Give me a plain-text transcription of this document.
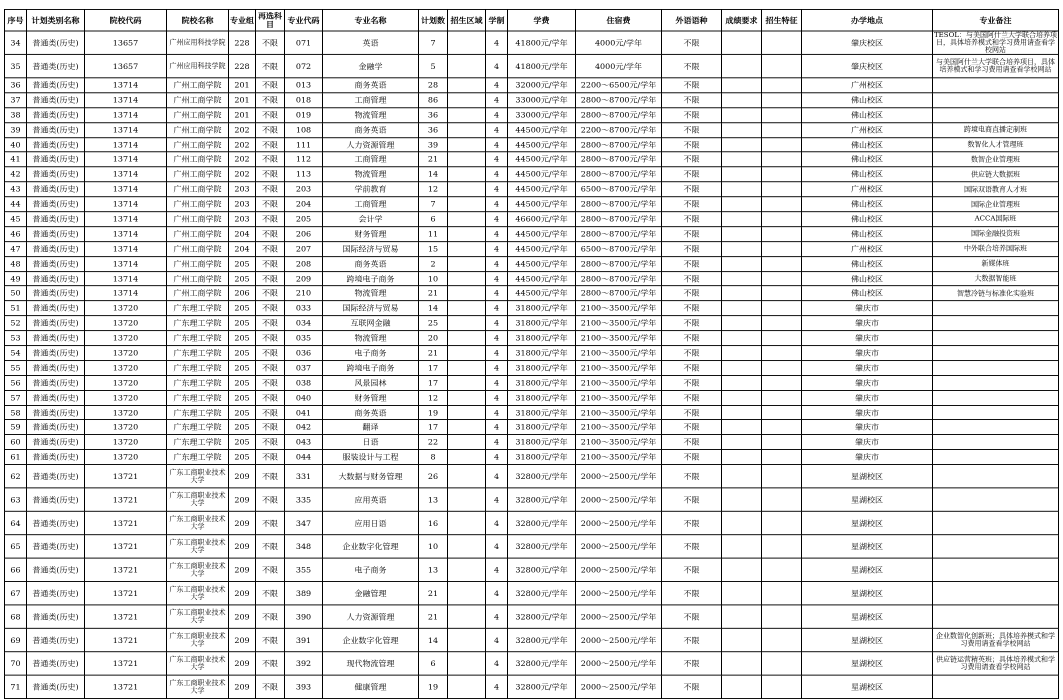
序号	计划类别名称	院校代码	院校名称	专业组	再选科目	专业代码	专业名称	计划数	招生区域	学制	学费	住宿费	外语语种	成绩要求	招生特征	办学地点	专业备注
34	普通类(历史)	13657	广州应用科技学院	228	不限	071	英语	7		4	41800元/学年	4000元/学年	不限			肇庆校区	TESOL：与美国阿什兰大学联合培养项目，具体培养模式和学习费用请查看学校网站
35	普通类(历史)	13657	广州应用科技学院	228	不限	072	金融学	5		4	41800元/学年	4000元/学年	不限			肇庆校区	与美国阿什兰大学联合培养项目，具体培养模式和学习费用请查看学校网站
36	普通类(历史)	13714	广州工商学院	201	不限	013	商务英语	28		4	32000元/学年	2200～6500元/学年	不限			广州校区	
37	普通类(历史)	13714	广州工商学院	201	不限	018	工商管理	86		4	33000元/学年	2800～8700元/学年	不限			佛山校区	
38	普通类(历史)	13714	广州工商学院	201	不限	019	物流管理	36		4	33000元/学年	2800～8700元/学年	不限			佛山校区	
39	普通类(历史)	13714	广州工商学院	202	不限	108	商务英语	36		4	44500元/学年	2200～8700元/学年	不限			广州校区	跨境电商直播定制班
40	普通类(历史)	13714	广州工商学院	202	不限	111	人力资源管理	39		4	44500元/学年	2800～8700元/学年	不限			佛山校区	数智化人才管理班
41	普通类(历史)	13714	广州工商学院	202	不限	112	工商管理	21		4	44500元/学年	2800～8700元/学年	不限			佛山校区	数智企业管理班
42	普通类(历史)	13714	广州工商学院	202	不限	113	物流管理	14		4	44500元/学年	2800～8700元/学年	不限			佛山校区	供应链大数据班
43	普通类(历史)	13714	广州工商学院	203	不限	203	学前教育	12		4	44500元/学年	6500～8700元/学年	不限			广州校区	国际双语教育人才班
44	普通类(历史)	13714	广州工商学院	203	不限	204	工商管理	7		4	44500元/学年	2800～8700元/学年	不限			佛山校区	国际企业管理班
45	普通类(历史)	13714	广州工商学院	203	不限	205	会计学	6		4	46600元/学年	2800～8700元/学年	不限			佛山校区	ACCA国际班
46	普通类(历史)	13714	广州工商学院	204	不限	206	财务管理	11		4	44500元/学年	2800～8700元/学年	不限			佛山校区	国际金融投资班
47	普通类(历史)	13714	广州工商学院	204	不限	207	国际经济与贸易	15		4	44500元/学年	6500～8700元/学年	不限			广州校区	中外联合培养国际班
48	普通类(历史)	13714	广州工商学院	205	不限	208	商务英语	2		4	44500元/学年	2800～8700元/学年	不限			佛山校区	新媒体班
49	普通类(历史)	13714	广州工商学院	205	不限	209	跨境电子商务	10		4	44500元/学年	2800～8700元/学年	不限			佛山校区	大数据智能班
50	普通类(历史)	13714	广州工商学院	206	不限	210	物流管理	21		4	44500元/学年	2800～8700元/学年	不限			佛山校区	智慧冷链与标准化实验班
51	普通类(历史)	13720	广东理工学院	205	不限	033	国际经济与贸易	14		4	31800元/学年	2100～3500元/学年	不限			肇庆市	
52	普通类(历史)	13720	广东理工学院	205	不限	034	互联网金融	25		4	31800元/学年	2100～3500元/学年	不限			肇庆市	
53	普通类(历史)	13720	广东理工学院	205	不限	035	物流管理	20		4	31800元/学年	2100～3500元/学年	不限			肇庆市	
54	普通类(历史)	13720	广东理工学院	205	不限	036	电子商务	21		4	31800元/学年	2100～3500元/学年	不限			肇庆市	
55	普通类(历史)	13720	广东理工学院	205	不限	037	跨境电子商务	17		4	31800元/学年	2100～3500元/学年	不限			肇庆市	
56	普通类(历史)	13720	广东理工学院	205	不限	038	风景园林	17		4	31800元/学年	2100～3500元/学年	不限			肇庆市	
57	普通类(历史)	13720	广东理工学院	205	不限	040	财务管理	12		4	31800元/学年	2100～3500元/学年	不限			肇庆市	
58	普通类(历史)	13720	广东理工学院	205	不限	041	商务英语	19		4	31800元/学年	2100～3500元/学年	不限			肇庆市	
59	普通类(历史)	13720	广东理工学院	205	不限	042	翻译	17		4	31800元/学年	2100～3500元/学年	不限			肇庆市	
60	普通类(历史)	13720	广东理工学院	205	不限	043	日语	22		4	31800元/学年	2100～3500元/学年	不限			肇庆市	
61	普通类(历史)	13720	广东理工学院	205	不限	044	服装设计与工程	8		4	31800元/学年	2100～3500元/学年	不限			肇庆市	
62	普通类(历史)	13721	广东工商职业技术大学	209	不限	331	大数据与财务管理	26		4	32800元/学年	2000～2500元/学年	不限			星湖校区	
63	普通类(历史)	13721	广东工商职业技术大学	209	不限	335	应用英语	13		4	32800元/学年	2000～2500元/学年	不限			星湖校区	
64	普通类(历史)	13721	广东工商职业技术大学	209	不限	347	应用日语	16		4	32800元/学年	2000～2500元/学年	不限			星湖校区	
65	普通类(历史)	13721	广东工商职业技术大学	209	不限	348	企业数字化管理	10		4	32800元/学年	2000～2500元/学年	不限			星湖校区	
66	普通类(历史)	13721	广东工商职业技术大学	209	不限	355	电子商务	13		4	32800元/学年	2000～2500元/学年	不限			星湖校区	
67	普通类(历史)	13721	广东工商职业技术大学	209	不限	389	金融管理	21		4	32800元/学年	2000～2500元/学年	不限			星湖校区	
68	普通类(历史)	13721	广东工商职业技术大学	209	不限	390	人力资源管理	21		4	32800元/学年	2000～2500元/学年	不限			星湖校区	
69	普通类(历史)	13721	广东工商职业技术大学	209	不限	391	企业数字化管理	14		4	32800元/学年	2000～2500元/学年	不限			星湖校区	企业数智化创新班；具体培养模式和学习费用请查看学校网站
70	普通类(历史)	13721	广东工商职业技术大学	209	不限	392	现代物流管理	6		4	32800元/学年	2000～2500元/学年	不限			星湖校区	供应链运营精英班；具体培养模式和学习费用请查看学校网站
71	普通类(历史)	13721	广东工商职业技术大学	209	不限	393	健康管理	19		4	32800元/学年	2000～2500元/学年	不限			星湖校区	
